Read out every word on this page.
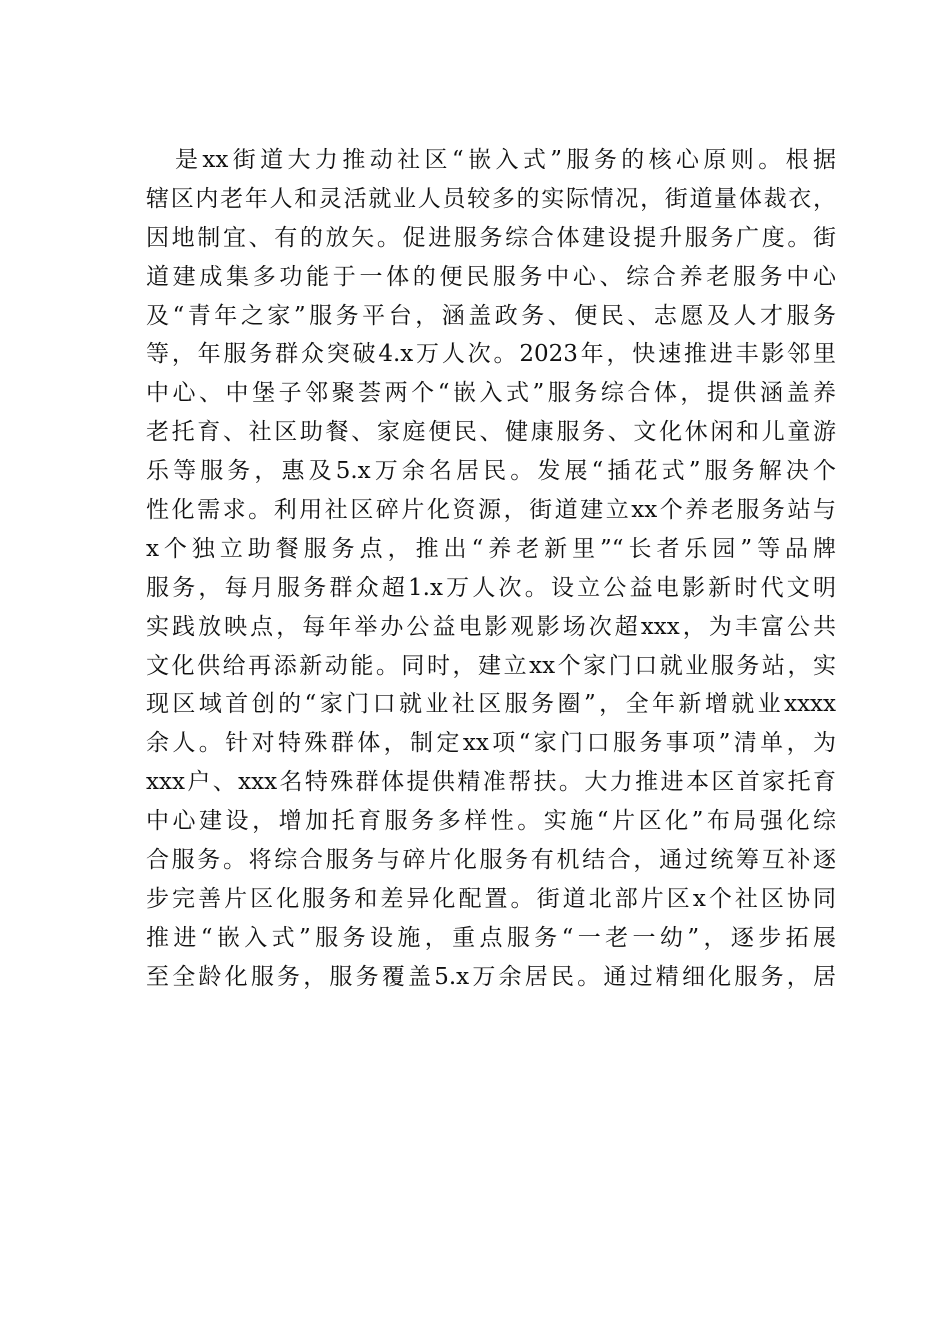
是xx街道大力推动社区“嵌入式”服务的核心原则。根据
辖区内老年人和灵活就业人员较多的实际情况，街道量体裁衣，
因地制宜、有的放矢。促进服务综合体建设提升服务广度。街
道建成集多功能于一体的便民服务中心、综合养老服务中心
及“青年之家”服务平台，涵盖政务、便民、志愿及人才服务
等，年服务群众突破4.x万人次。2023年，快速推进丰影邻里
中心、中堡子邻聚荟两个“嵌入式”服务综合体，提供涵盖养
老托育、社区助餐、家庭便民、健康服务、文化休闲和儿童游
乐等服务，惠及5.x万余名居民。发展“插花式”服务解决个
性化需求。利用社区碎片化资源，街道建立xx个养老服务站与
x个独立助餐服务点，推出“养老新里”“长者乐园”等品牌
服务，每月服务群众超1.x万人次。设立公益电影新时代文明
实践放映点，每年举办公益电影观影场次超xxx，为丰富公共
文化供给再添新动能。同时，建立xx个家门口就业服务站，实
现区域首创的“家门口就业社区服务圈”，全年新增就业xxxx
余人。针对特殊群体，制定xx项“家门口服务事项”清单，为
xxx户、xxx名特殊群体提供精准帮扶。大力推进本区首家托育
中心建设，增加托育服务多样性。实施“片区化”布局强化综
合服务。将综合服务与碎片化服务有机结合，通过统筹互补逐
步完善片区化服务和差异化配置。街道北部片区x个社区协同
推进“嵌入式”服务设施，重点服务“一老一幼”，逐步拓展
至全龄化服务，服务覆盖5.x万余居民。通过精细化服务，居
